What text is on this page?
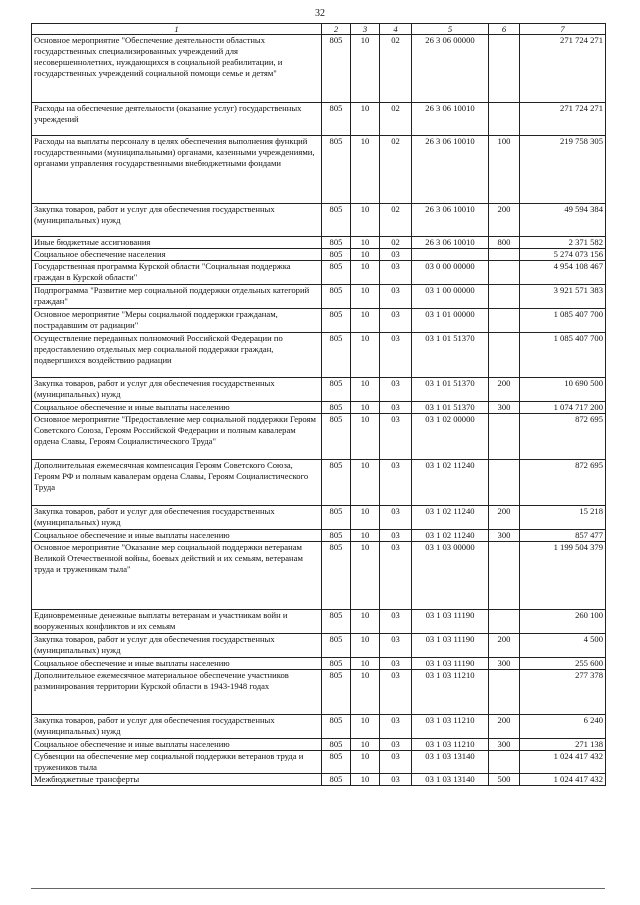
32
1	2	3	4	5	6	7
Основное мероприятие "Обеспечение деятельности областных государственных специализированных учреждений для несовершеннолетних, нуждающихся в социальной реабилитации, и государственных учреждений социальной помощи семье и детям"	805	10	02	26 3 06 00000		271 724 271
Расходы на обеспечение деятельности (оказание услуг) государственных учреждений	805	10	02	26 3 06 10010		271 724 271
Расходы на выплаты персоналу в целях обеспечения выполнения функций государственными (муниципальными) органами, казенными учреждениями, органами управления государственными внебюджетными фондами	805	10	02	26 3 06 10010	100	219 758 305
Закупка товаров, работ и услуг для обеспечения государственных (муниципальных) нужд	805	10	02	26 3 06 10010	200	49 594 384
Иные бюджетные ассигнования	805	10	02	26 3 06 10010	800	2 371 582
Социальное обеспечение населения	805	10	03			5 274 073 156
Государственная программа Курской области "Социальная поддержка граждан в Курской области"	805	10	03	03 0 00 00000		4 954 108 467
Подпрограмма "Развитие мер социальной поддержки отдельных категорий граждан"	805	10	03	03 1 00 00000		3 921 571 383
Основное мероприятие "Меры социальной поддержки гражданам, пострадавшим от радиации"	805	10	03	03 1 01 00000		1 085 407 700
Осуществление переданных полномочий Российской Федерации по предоставлению отдельных мер социальной поддержки граждан, подвергшихся воздействию радиации	805	10	03	03 1 01 51370		1 085 407 700
Закупка товаров, работ и услуг для обеспечения государственных (муниципальных) нужд	805	10	03	03 1 01 51370	200	10 690 500
Социальное обеспечение и иные выплаты населению	805	10	03	03 1 01 51370	300	1 074 717 200
Основное мероприятие "Предоставление мер социальной поддержки Героям Советского Союза, Героям Российской Федерации и полным кавалерам ордена Славы, Героям Социалистического Труда"	805	10	03	03 1 02 00000		872 695
Дополнительная ежемесячная компенсация Героям Советского Союза, Героям РФ и полным кавалерам ордена Славы, Героям Социалистического Труда	805	10	03	03 1 02 11240		872 695
Закупка товаров, работ и услуг для обеспечения государственных (муниципальных) нужд	805	10	03	03 1 02 11240	200	15 218
Социальное обеспечение и иные выплаты населению	805	10	03	03 1 02 11240	300	857 477
Основное мероприятие "Оказание мер социальной поддержки ветеранам Великой Отечественной войны, боевых действий и их семьям, ветеранам труда и труженикам тыла"	805	10	03	03 1 03 00000		1 199 504 379
Единовременные денежные выплаты ветеранам и участникам войн и вооруженных конфликтов и их семьям	805	10	03	03 1 03 11190		260 100
Закупка товаров, работ и услуг для обеспечения государственных (муниципальных) нужд	805	10	03	03 1 03 11190	200	4 500
Социальное обеспечение и иные выплаты населению	805	10	03	03 1 03 11190	300	255 600
Дополнительное ежемесячное материальное обеспечение участников разминирования территории Курской области в 1943-1948 годах	805	10	03	03 1 03 11210		277 378
Закупка товаров, работ и услуг для обеспечения государственных (муниципальных) нужд	805	10	03	03 1 03 11210	200	6 240
Социальное обеспечение и иные выплаты населению	805	10	03	03 1 03 11210	300	271 138
Субвенции на обеспечение мер социальной поддержки ветеранов труда и тружеников тыла	805	10	03	03 1 03 13140		1 024 417 432
Межбюджетные трансферты	805	10	03	03 1 03 13140	500	1 024 417 432
